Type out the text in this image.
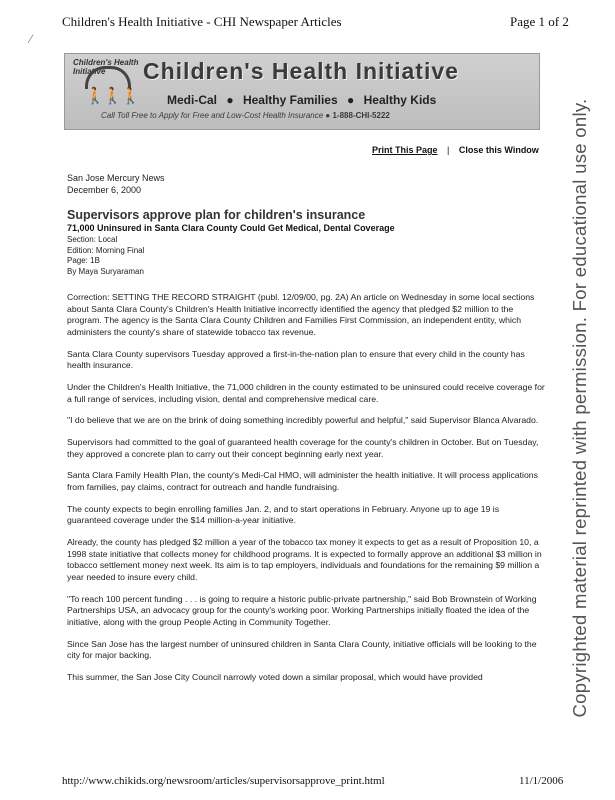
Children's Health Initiative - CHI Newspaper Articles	Page 1 of 2
⁄
Children's Health Initiative
🚶🚶🚶
Children's Health Initiative
Medi-Cal ● Healthy Families ● Healthy Kids
Call Toll Free to Apply for Free and Low-Cost Health Insurance ● 1-888-CHI-5222
Print This Page | Close this Window
San Jose Mercury News
December 6, 2000
Supervisors approve plan for children's insurance
71,000 Uninsured in Santa Clara County Could Get Medical, Dental Coverage
Section: Local
Edition: Morning Final
Page: 1B
By Maya Suryaraman

Correction: SETTING THE RECORD STRAIGHT (publ. 12/09/00, pg. 2A) An article on Wednesday in some local sections about Santa Clara County's Children's Health Initiative incorrectly identified the agency that pledged $2 million to the program. The agency is the Santa Clara County Children and Families First Commission, an independent entity, which administers the county's share of statewide tobacco tax revenue.

Santa Clara County supervisors Tuesday approved a first-in-the-nation plan to ensure that every child in the county has health insurance.

Under the Children's Health Initiative, the 71,000 children in the county estimated to be uninsured could receive coverage for a full range of services, including vision, dental and comprehensive medical care.

"I do believe that we are on the brink of doing something incredibly powerful and helpful," said Supervisor Blanca Alvarado.

Supervisors had committed to the goal of guaranteed health coverage for the county's children in October. But on Tuesday, they approved a concrete plan to carry out their concept beginning early next year.

Santa Clara Family Health Plan, the county's Medi-Cal HMO, will administer the health initiative. It will process applications from families, pay claims, contract for outreach and handle fundraising.

The county expects to begin enrolling families Jan. 2, and to start operations in February. Anyone up to age 19 is guaranteed coverage under the $14 million-a-year initiative.

Already, the county has pledged $2 million a year of the tobacco tax money it expects to get as a result of Proposition 10, a 1998 state initiative that collects money for childhood programs. It is expected to formally approve an additional $3 million in tobacco settlement money next week. Its aim is to tap employers, individuals and foundations for the remaining $9 million a year needed to insure every child.

"To reach 100 percent funding . . . is going to require a historic public-private partnership," said Bob Brownstein of Working Partnerships USA, an advocacy group for the county's working poor. Working Partnerships initially floated the idea of the initiative, along with the group People Acting in Community Together.

Since San Jose has the largest number of uninsured children in Santa Clara County, initiative officials will be looking to the city for major backing.

This summer, the San Jose City Council narrowly voted down a similar proposal, which would have provided	Copyrighted material reprinted with permission. For educational use only.
http://www.chikids.org/newsroom/articles/supervisorsapprove_print.html	11/1/2006
